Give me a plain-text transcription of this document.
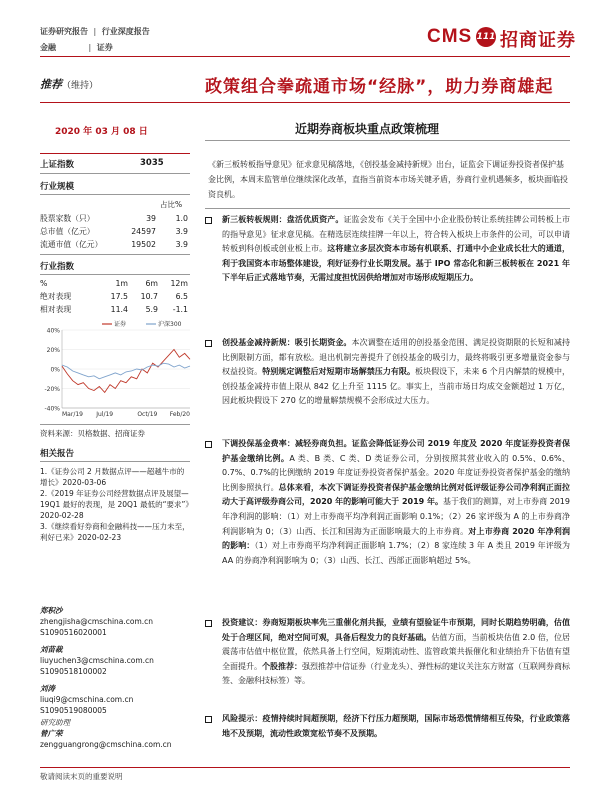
证券研究报告 | 行业深度报告
金融	| 证券
CMS 111 招商证券
推荐（维持）	政策组合拳疏通市场“经脉”，助力券商雄起
2020 年 03 月 08 日	近期券商板块重点政策梳理
上证指数	3035
行业规模
占比%
股票家数（只）	39	1.0
总市值（亿元）	24597	3.9
流通市值（亿元）	19502	3.9
行业指数
%	1m	6m	12m
绝对表现	17.5	10.7	6.5
相对表现	11.4	5.9	-1.1
40%
20%
0%
-20%
-40%
Mar/19 Jul/19	Oct/19 Feb/20
证券	沪深300
资料来源：贝格数据、招商证券
相关报告
1.《证券公司 2 月数据点评——超越牛市的增长》2020-03-06
2.《2019 年证券公司经营数据点评及展望—19Q1 最好的表现，是 20Q1 最低的“要求”》2020-02-28
3.《继续看好券商和金融科技——压力未至，利好已来》2020-02-23
郑积沙
zhengjisha@cmschina.com.cn
S1090516020001
刘苗裁
liuyuchen3@cmschina.com.cn
S1090518100002
刘涛
liuqi9@cmschina.com.cn
S1090519080005
研究助理
曾广荣
zengguangrong@cmschina.com.cn
《新三板转板指导意见》征求意见稿落地，《创投基金减持新规》出台，证监会下调证券投资者保护基金比例，本周末监管单位继续深化改革，直指当前资本市场关键矛盾，券商行业机遇频多，板块面临投资良机。
新三板转板规则：盘活优质资产。证监会发布《关于全国中小企业股份转让系统挂牌公司转板上市的指导意见》征求意见稿。在精选层连续挂牌一年以上，符合转入板块上市条件的公司，可以申请转板到科创板或创业板上市。这将建立多层次资本市场有机联系、打通中小企业成长壮大的通道，利于我国资本市场整体建设，利好证券行业长期发展。基于 IPO 常态化和新三板转板在 2021 年下半年后正式落地节奏，无需过度担忧因供给增加对市场形成短期压力。
创投基金减持新规：吸引长期资金。本次调整在适用的创投基金范围、满足投资期限的长短和减持比例限制方面，都有放松。退出机制完善提升了创投基金的吸引力，最终将吸引更多增量资金参与权益投资。特别规定调整后对短期市场解禁压力有限。板块假设下，未来 6 个月内解禁的规模中，创投基金减持市值上限从 842 亿上升至 1115 亿。事实上，当前市场日均成交金额超过 1 万亿，因此板块假设下 270 亿的增量解禁规模不会形成过大压力。
下调投保基金费率：减轻券商负担。证监会降低证券公司 2019 年度及 2020 年度证券投资者保护基金缴纳比例。A 类、B 类、C 类、D 类证券公司，分别按照其营业收入的 0.5%、0.6%、0.7%、0.7%的比例缴纳 2019 年度证券投资者保护基金。2020 年度证券投资者保护基金的缴纳比例参照执行。总体来看，本次下调证券投资者保护基金缴纳比例对低评级证券公司净利润正面拉动大于高评级券商公司，2020 年的影响可能大于 2019 年。基于我们的测算，对上市券商 2019 年净利润的影响：（1）对上市券商平均净利润正面影响 0.1%；（2）26 家评级为 A 的上市券商净利润影响为 0；（3）山西、长江和国海为正面影响最大的上市券商。对上市券商 2020 年净利润的影响：（1）对上市券商平均净利润正面影响 1.7%；（2）8 家连续 3 年 A 类且 2019 年评级为 AA 的券商净利润影响为 0；（3）山西、长江、西部正面影响超过 5%。
投资建议：券商短期板块率先三重催化剂共振，业绩有望验证牛市预期，同时长期趋势明确，估值处于合理区间，绝对空间可观，具备后程发力的良好基础。估值方面，当前板块估值 2.0 倍，位居震荡市估值中枢位置，依然具备上行空间，短期流动性、监管政策共振催化和业绩抬升下估值有望全面提升。个股推荐：强烈推荐中信证券（行业龙头）、弹性标的建议关注东方财富（互联网券商标签、金融科技标签）等。
风险提示：疫情持续时间超预期，经济下行压力超预期，国际市场恐慌情绪相互传染，行业政策落地不及预期，流动性政策宽松节奏不及预期。
敬请阅读末页的重要说明
